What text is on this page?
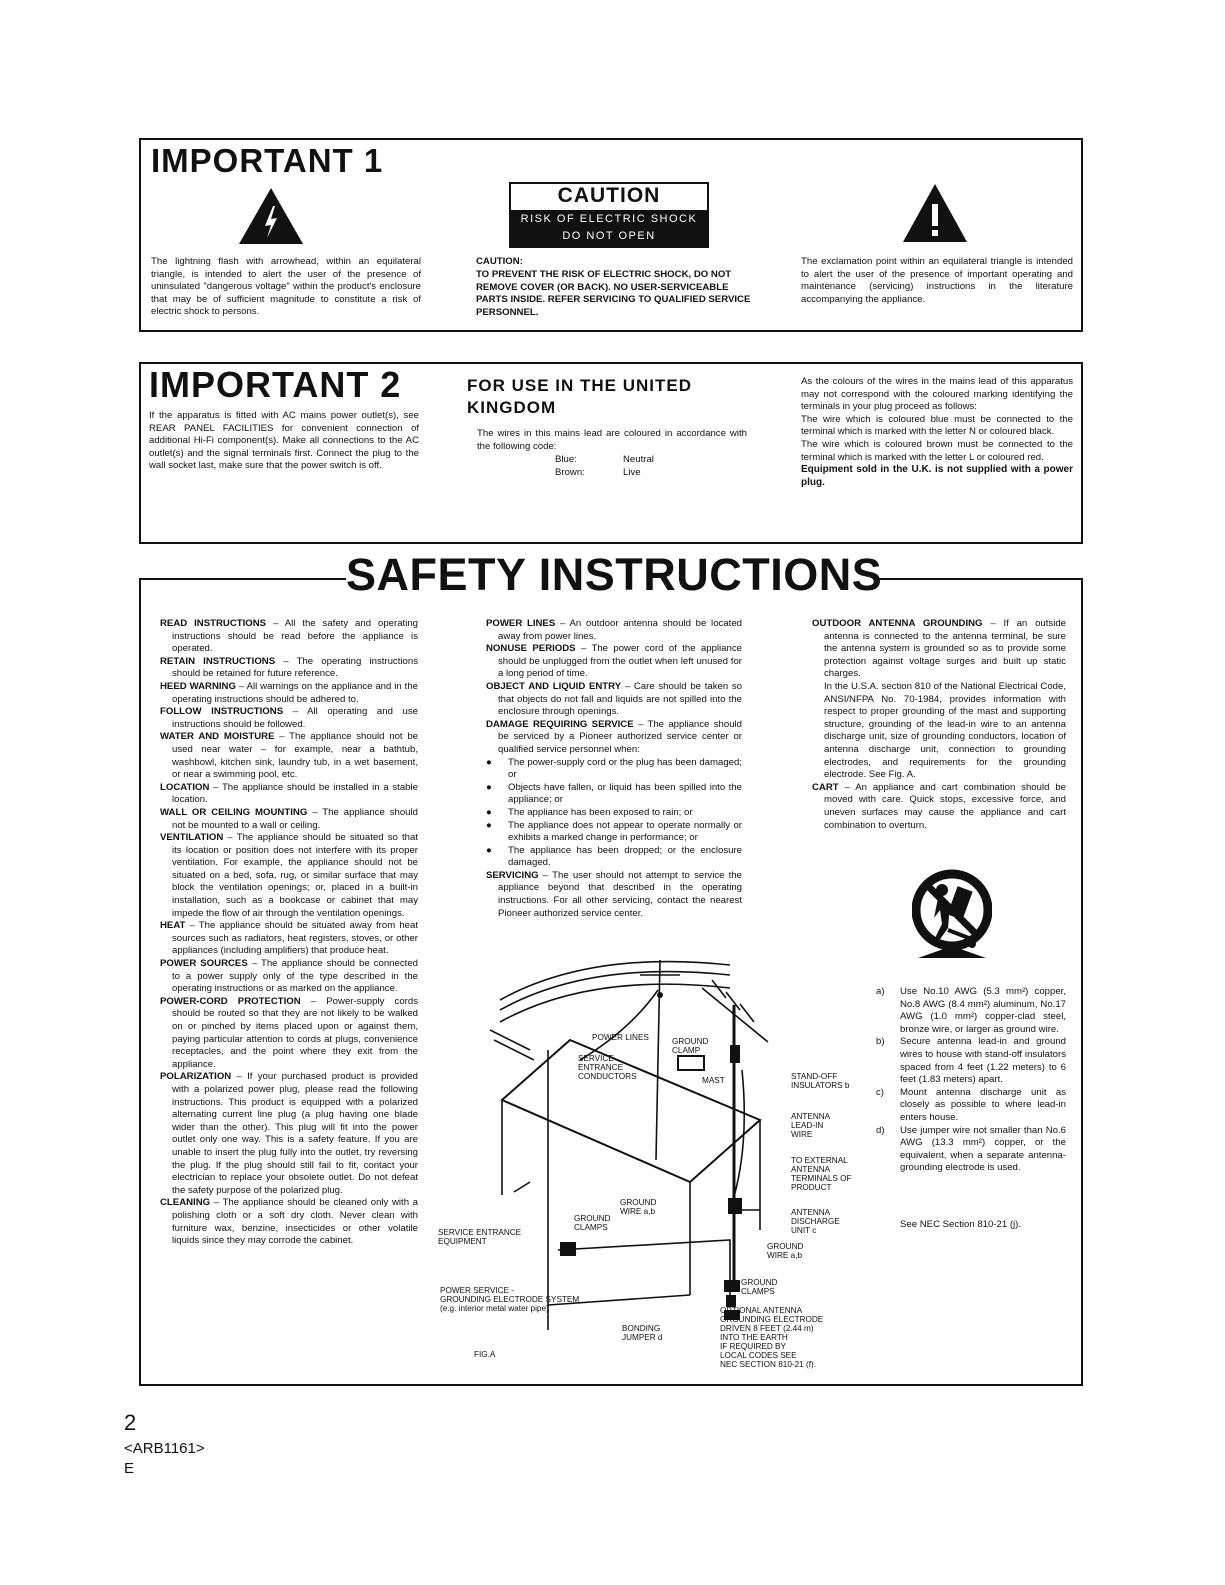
IMPORTANT 1
The lightning flash with arrowhead, within an equilateral triangle, is intended to alert the user of the presence of uninsulated "dangerous voltage" within the product's enclosure that may be of sufficient magnitude to constitute a risk of electric shock to persons.
CAUTION
RISK OF ELECTRIC SHOCK
DO NOT OPEN
CAUTION:
TO PREVENT THE RISK OF ELECTRIC SHOCK, DO NOT REMOVE COVER (OR BACK). NO USER-SERVICEABLE PARTS INSIDE. REFER SERVICING TO QUALIFIED SERVICE PERSONNEL.
The exclamation point within an equilateral triangle is intended to alert the user of the presence of important operating and maintenance (servicing) instructions in the literature accompanying the appliance.
IMPORTANT 2
If the apparatus is fitted with AC mains power outlet(s), see REAR PANEL FACILITIES for convenient connection of additional Hi-Fi component(s). Make all connections to the AC outlet(s) and the signal terminals first. Connect the plug to the wall socket last, make sure that the power switch is off.
FOR USE IN THE UNITED
KINGDOM
The wires in this mains lead are coloured in accordance with the following code:
Blue:	Neutral
Brown:	Live
As the colours of the wires in the mains lead of this apparatus may not correspond with the coloured marking identifying the terminals in your plug proceed as follows:
The wire which is coloured blue must be connected to the terminal which is marked with the letter N or coloured black.
The wire which is coloured brown must be connected to the terminal which is marked with the letter L or coloured red.
Equipment sold in the U.K. is not supplied with a power plug.
SAFETY INSTRUCTIONS
READ INSTRUCTIONS – All the safety and operating instructions should be read before the appliance is operated.
RETAIN INSTRUCTIONS – The operating instructions should be retained for future reference.
HEED WARNING – All warnings on the appliance and in the operating instructions should be adhered to.
FOLLOW INSTRUCTIONS – All operating and use instructions should be followed.
WATER AND MOISTURE – The appliance should not be used near water – for example, near a bathtub, washbowl, kitchen sink, laundry tub, in a wet basement, or near a swimming pool, etc.
LOCATION – The appliance should be installed in a stable location.
WALL OR CEILING MOUNTING – The appliance should not be mounted to a wall or ceiling.
VENTILATION – The appliance should be situated so that its location or position does not interfere with its proper ventilation. For example, the appliance should not be situated on a bed, sofa, rug, or similar surface that may block the ventilation openings; or, placed in a built-in installation, such as a bookcase or cabinet that may impede the flow of air through the ventilation openings.
HEAT – The appliance should be situated away from heat sources such as radiators, heat registers, stoves, or other appliances (including amplifiers) that produce heat.
POWER SOURCES – The appliance should be connected to a power supply only of the type described in the operating instructions or as marked on the appliance.
POWER-CORD PROTECTION – Power-supply cords should be routed so that they are not likely to be walked on or pinched by items placed upon or against them, paying particular attention to cords at plugs, convenience receptacles, and the point where they exit from the appliance.
POLARIZATION – If your purchased product is provided with a polarized power plug, please read the following instructions. This product is equipped with a polarized alternating current line plug (a plug having one blade wider than the other). This plug will fit into the power outlet only one way. This is a safety feature. If you are unable to insert the plug fully into the outlet, try reversing the plug. If the plug should still fail to fit, contact your electrician to replace your obsolete outlet. Do not defeat the safety purpose of the polarized plug.
CLEANING – The appliance should be cleaned only with a polishing cloth or a soft dry cloth. Never clean with furniture wax, benzine, insecticides or other volatile liquids since they may corrode the cabinet.
POWER LINES – An outdoor antenna should be located away from power lines.
NONUSE PERIODS – The power cord of the appliance should be unplugged from the outlet when left unused for a long period of time.
OBJECT AND LIQUID ENTRY – Care should be taken so that objects do not fall and liquids are not spilled into the enclosure through openings.
DAMAGE REQUIRING SERVICE – The appliance should be serviced by a Pioneer authorized service center or qualified service personnel when:
● The power-supply cord or the plug has been damaged; or
● Objects have fallen, or liquid has been spilled into the appliance; or
● The appliance has been exposed to rain; or
● The appliance does not appear to operate normally or exhibits a marked change in performance; or
● The appliance has been dropped; or the enclosure damaged.
SERVICING – The user should not attempt to service the appliance beyond that described in the operating instructions. For all other servicing, contact the nearest Pioneer authorized service center.
OUTDOOR ANTENNA GROUNDING – If an outside antenna is connected to the antenna terminal, be sure the antenna system is grounded so as to provide some protection against voltage surges and built up static charges.
In the U.S.A. section 810 of the National Electrical Code, ANSI/NFPA No. 70-1984, provides information with respect to proper grounding of the mast and supporting structure, grounding of the lead-in wire to an antenna discharge unit, size of grounding conductors, location of antenna discharge unit, connection to grounding electrodes, and requirements for the grounding electrode. See Fig. A.
CART – An appliance and cart combination should be moved with care. Quick stops, excessive force, and uneven surfaces may cause the appliance and cart combination to overturn.
a)	Use No.10 AWG (5.3 mm²) copper, No.8 AWG (8.4 mm²) aluminum, No.17 AWG (1.0 mm²) copper-clad steel, bronze wire, or larger as ground wire.
b)	Secure antenna lead-in and ground wires to house with stand-off insulators spaced from 4 feet (1.22 meters) to 6 feet (1.83 meters) apart.
c)	Mount antenna discharge unit as closely as possible to where lead-in enters house.
d)	Use jumper wire not smaller than No.6 AWG (13.3 mm²) copper, or the equivalent, when a separate antenna-grounding electrode is used.
See NEC Section 810-21 (j).
POWER LINES	GROUND
CLAMP
SERVICE
ENTRANCE
CONDUCTORS	MAST	STAND-OFF
INSULATORS b
ANTENNA
LEAD-IN
WIRE
TO EXTERNAL
ANTENNA
TERMINALS OF
PRODUCT
GROUND
WIRE a,b
GROUND
CLAMPS
SERVICE ENTRANCE
EQUIPMENT
ANTENNA
DISCHARGE
UNIT c
GROUND
WIRE a,b
GROUND
CLAMPS
POWER SERVICE -
GROUNDING ELECTRODE SYSTEM
(e.g. interior metal water pipe)	OPTIONAL ANTENNA
GROUNDING ELECTRODE
DRIVEN 8 FEET (2.44 m)
INTO THE EARTH
IF REQUIRED BY
LOCAL CODES SEE
NEC SECTION 810-21 (f).
BONDING
JUMPER d
FIG.A
2
<ARB1161>
E
